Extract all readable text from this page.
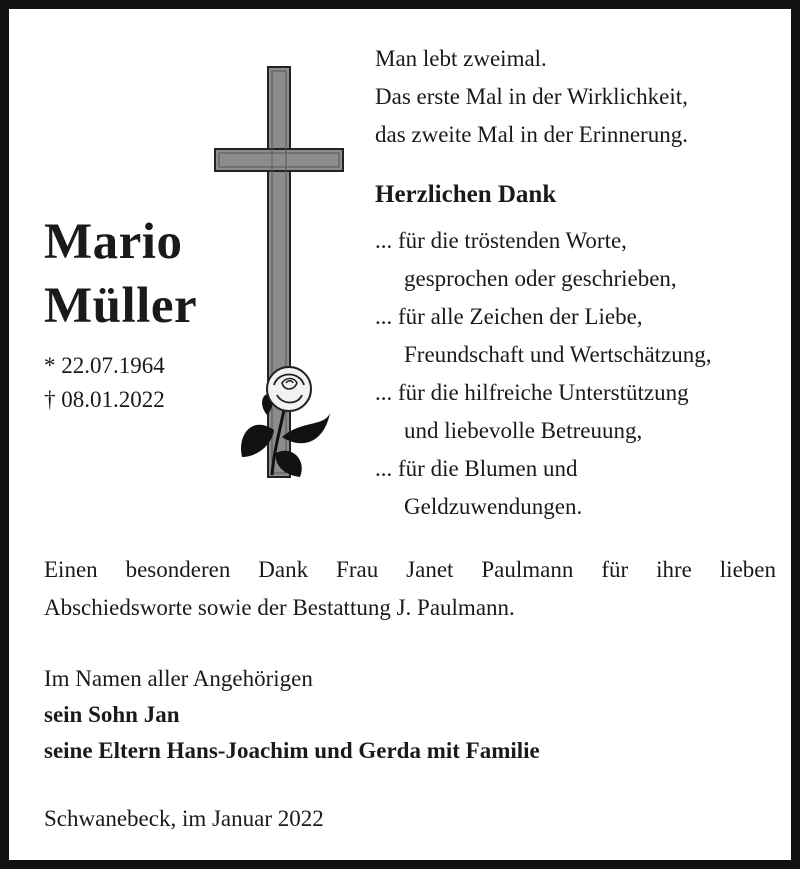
Man lebt zweimal.
Das erste Mal in der Wirklichkeit,
das zweite Mal in der Erinnerung.
Mario
Müller
* 22.07.1964
† 08.01.2022
Herzlichen Dank
... für die tröstenden Worte,
gesprochen oder geschrieben,
... für alle Zeichen der Liebe,
Freundschaft und Wertschätzung,
... für die hilfreiche Unterstützung
und liebevolle Betreuung,
... für die Blumen und
Geldzuwendungen.
Einen besonderen Dank Frau Janet Paulmann für ihre lieben
Abschiedsworte sowie der Bestattung J. Paulmann.
Im Namen aller Angehörigen
sein Sohn Jan
seine Eltern Hans-Joachim und Gerda mit Familie
Schwanebeck, im Januar 2022
